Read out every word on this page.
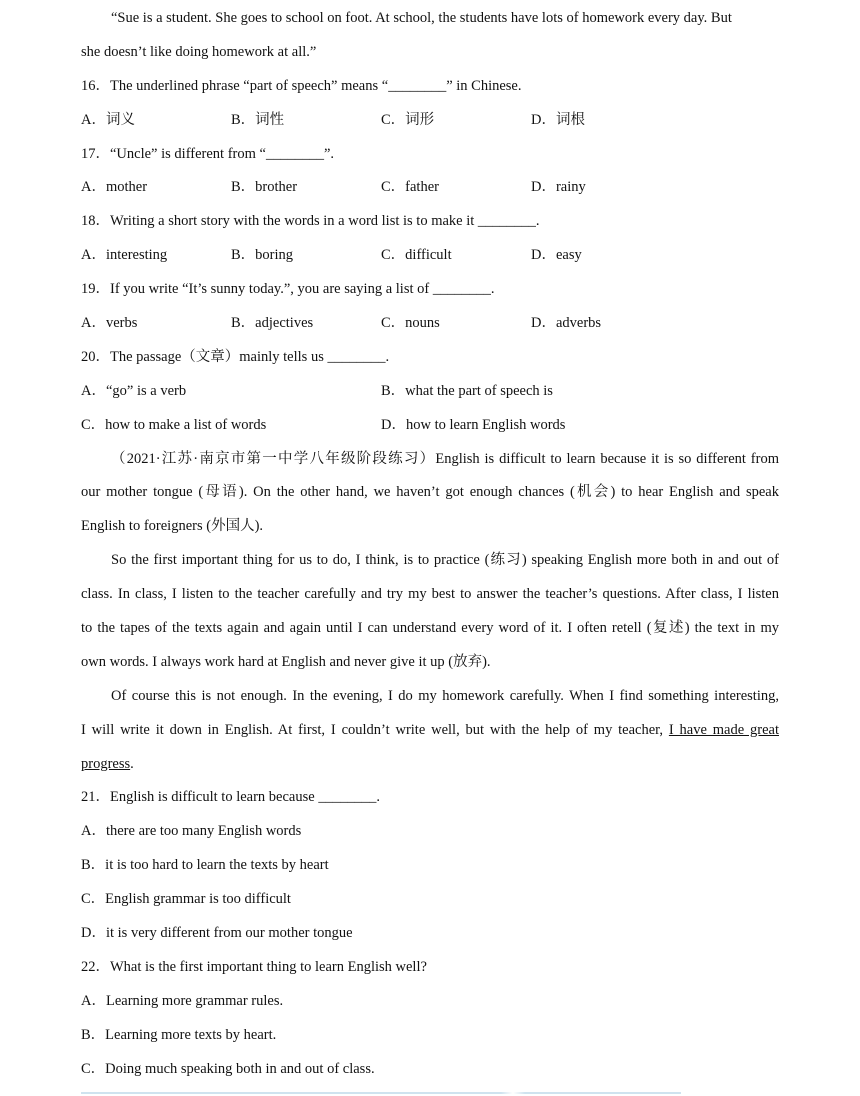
“Sue is a student. She goes to school on foot. At school, the students have lots of homework every day. But
she doesn’t like doing homework at all.”
16．The underlined phrase “part of speech” means “________” in Chinese.
A．词义	B．词性	C．词形	D．词根
17．“Uncle” is different from “________”.
A．mother	B．brother	C．father	D．rainy
18．Writing a short story with the words in a word list is to make it ________.
A．interesting	B．boring	C．difficult	D．easy
19．If you write “It’s sunny today.”, you are saying a list of ________.
A．verbs	B．adjectives	C．nouns	D．adverbs
20．The passage（文章）mainly tells us ________.
A．“go” is a verb	B．what the part of speech is
C．how to make a list of words	D．how to learn English words
（2021·江苏·南京市第一中学八年级阶段练习）English is difficult to learn because it is so different from
our mother tongue (母语). On the other hand, we haven’t got enough chances (机会) to hear English and speak
English to foreigners (外国人).
So the first important thing for us to do, I think, is to practice (练习) speaking English more both in and out of
class. In class, I listen to the teacher carefully and try my best to answer the teacher’s questions. After class, I listen
to the tapes of the texts again and again until I can understand every word of it. I often retell (复述) the text in my
own words. I always work hard at English and never give it up (放弃).
Of course this is not enough. In the evening, I do my homework carefully. When I find something interesting,
I will write it down in English. At first, I couldn’t write well, but with the help of my teacher, I have made great
progress.
21．English is difficult to learn because ________.
A．there are too many English words
B．it is too hard to learn the texts by heart
C．English grammar is too difficult
D．it is very different from our mother tongue
22．What is the first important thing to learn English well?
A．Learning more grammar rules.
B．Learning more texts by heart.
C．Doing much speaking both in and out of class.
